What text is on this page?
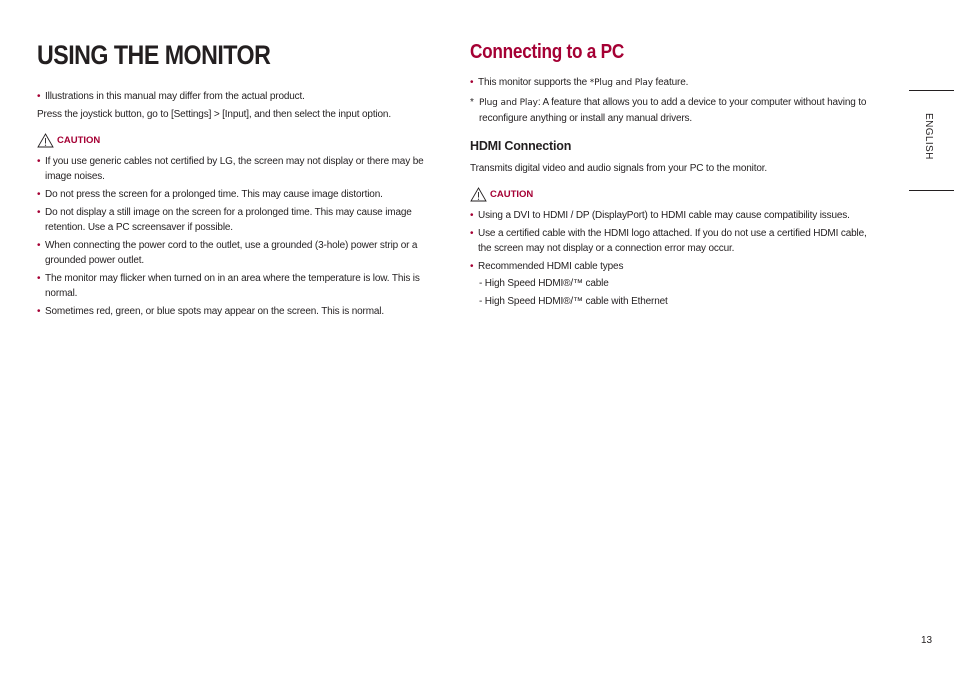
USING THE MONITOR
• Illustrations in this manual may differ from the actual product.
Press the joystick button, go to [Settings] > [Input], and then select the input option.
CAUTION
• If you use generic cables not certified by LG, the screen may not display or there may be image noises.
• Do not press the screen for a prolonged time. This may cause image distortion.
• Do not display a still image on the screen for a prolonged time. This may cause image retention. Use a PC screensaver if possible.
• When connecting the power cord to the outlet, use a grounded (3-hole) power strip or a grounded power outlet.
• The monitor may flicker when turned on in an area where the temperature is low. This is normal.
• Sometimes red, green, or blue spots may appear on the screen. This is normal.
Connecting to a PC
• This monitor supports the *Plug and Play feature.
* Plug and Play: A feature that allows you to add a device to your computer without having to reconfigure anything or install any manual drivers.
HDMI Connection
Transmits digital video and audio signals from your PC to the monitor.
CAUTION
• Using a DVI to HDMI / DP (DisplayPort) to HDMI cable may cause compatibility issues.
• Use a certified cable with the HDMI logo attached. If you do not use a certified HDMI cable, the screen may not display or a connection error may occur.
• Recommended HDMI cable types
- High Speed HDMI®/™ cable
- High Speed HDMI®/™ cable with Ethernet
ENGLISH
13
